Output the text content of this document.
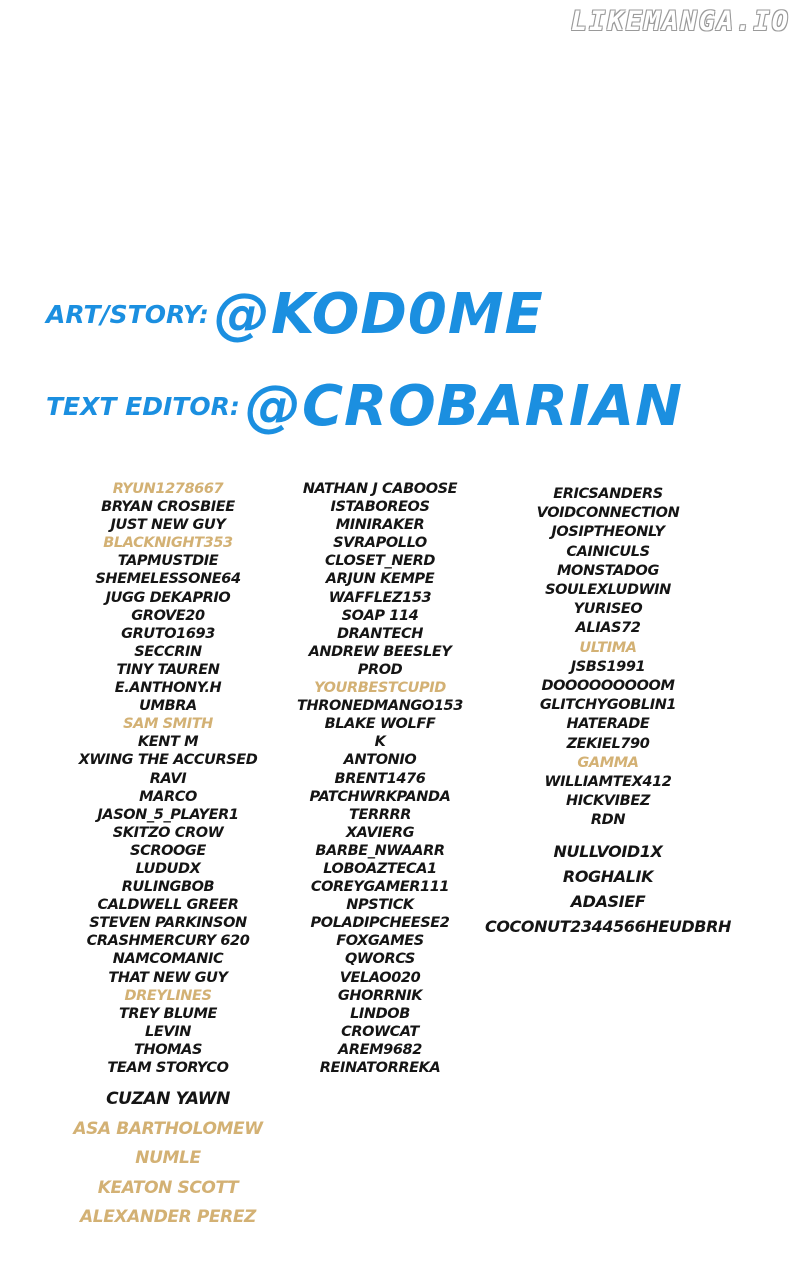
LIKEMANGA.IO
ART/STORY: @KOD0ME
TEXT EDITOR: @CROBARIAN
RYUN1278667
BRYAN CROSBIEE
JUST NEW GUY
BLACKNIGHT353
TAPMUSTDIE
SHEMELESSONE64
JUGG DEKAPRIO
GROVE20
GRUTO1693
SECCRIN
TINY TAUREN
E.ANTHONY.H
UMBRA
SAM SMITH
KENT M
XWING THE ACCURSED
RAVI
MARCO
JASON_5_PLAYER1
SKITZO CROW
SCROOGE
LUDUDX
RULINGBOB
CALDWELL GREER
STEVEN PARKINSON
CRASHMERCURY 620
NAMCOMANIC
THAT NEW GUY
DREYLINES
TREY BLUME
LEVIN
THOMAS
TEAM STORYCO
CUZAN YAWN
ASA BARTHOLOMEW
NUMLE
KEATON SCOTT
ALEXANDER PEREZ
NATHAN J CABOOSE
ISTABOREOS
MINIRAKER
SVRAPOLLO
CLOSET_NERD
ARJUN KEMPE
WAFFLEZ153
SOAP 114
DRANTECH
ANDREW BEESLEY
PROD
YOURBESTCUPID
THRONEDMANGO153
BLAKE WOLFF
K
ANTONIO
BRENT1476
PATCHWRKPANDA
TERRRR
XAVIERG
BARBE_NWAARR
LOBOAZTECA1
COREYGAMER111
NPSTICK
POLADIPCHEESE2
FOXGAMES
QWORCS
VELAO020
GHORRNIK
LINDOB
CROWCAT
AREM9682
REINATORREKA
ERICSANDERS
VOIDCONNECTION
JOSIPTHEONLY
CAINICULS
MONSTADOG
SOULEXLUDWIN
YURISEO
ALIAS72
ULTIMA
JSBS1991
DOOOOOOOOOM
GLITCHYGOBLIN1
HATERADE
ZEKIEL790
GAMMA
WILLIAMTEX412
HICKVIBEZ
RDN
NULLVOID1X
ROGHALIK
ADASIEF
COCONUT2344566HEUDBRH
